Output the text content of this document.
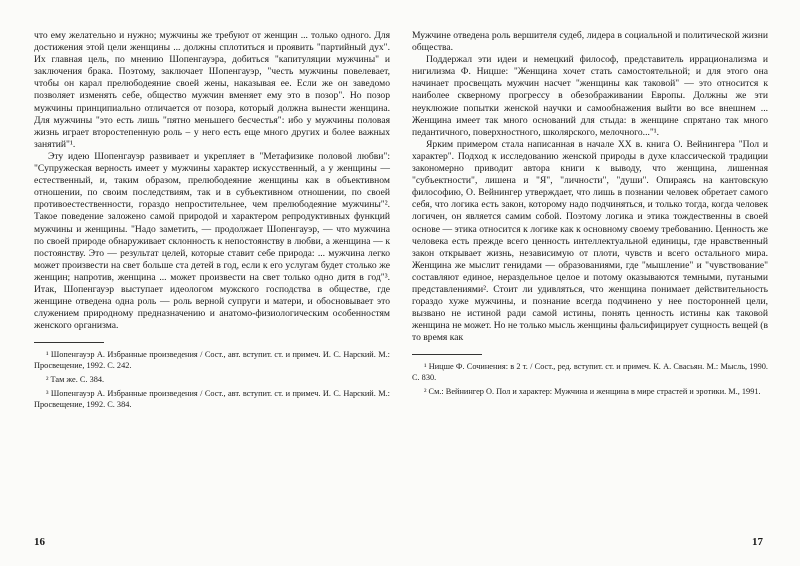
что ему желательно и нужно; мужчины же требуют от женщин ... только одного. Для достижения этой цели женщины ... должны сплотиться и проявить "партийный дух". Их главная цель, по мнению Шопенгауэра, добиться "капитуляции мужчины" и заключения брака. Поэтому, заключает Шопенгауэр, "честь мужчины повелевает, чтобы он карал прелюбодеяние своей жены, наказывая ее. Если же он заведомо позволяет изменять себе, общество мужчин вменяет ему это в позор". Но позор мужчины принципиально отличается от позора, который должна вынести женщина. Для мужчины "это есть лишь "пятно меньшего бесчестья": ибо у мужчины половая жизнь играет второстепенную роль – у него есть еще много других и более важных занятий"¹.

Эту идею Шопенгауэр развивает и укрепляет в "Метафизике половой любви": "Супружеская верность имеет у мужчины характер искусственный, а у женщины — естественный, и, таким образом, прелюбодеяние женщины как в объективном отношении, по своим последствиям, так и в субъективном отношении, по своей противоестественности, гораздо непростительнее, чем прелюбодеяние мужчины"². Такое поведение заложено самой природой и характером репродуктивных функций мужчины и женщины. "Надо заметить, — продолжает Шопенгауэр, — что мужчина по своей природе обнаруживает склонность к непостоянству в любви, а женщина — к постоянству. Это — результат целей, которые ставит себе природа: ... мужчина легко может произвести на свет больше ста детей в год, если к его услугам будет столько же женщин; напротив, женщина ... может произвести на свет только одно дитя в год"³. Итак, Шопенгауэр выступает идеологом мужского господства в обществе, где женщине отведена одна роль — роль верной супруги и матери, и обосновывает это служением природному предназначению и анатомо-физиологическим особенностям женского организма.

¹ Шопенгауэр А. Избранные произведения / Сост., авт. вступит. ст. и примеч. И. С. Нарский. М.: Просвещение, 1992. С. 242.

² Там же. С. 384.

³ Шопенгауэр А. Избранные произведения / Сост., авт. вступит. ст. и примеч. И. С. Нарский. М.: Просвещение, 1992. С. 384.

16

Мужчине отведена роль вершителя судеб, лидера в социальной и политической жизни общества.

Поддержал эти идеи и немецкий философ, представитель иррационализма и нигилизма Ф. Ницше: "Женщина хочет стать самостоятельной; и для этого она начинает просвещать мужчин насчет "женщины как таковой" — это относится к наиболее скверному прогрессу в обезображивании Европы. Должны же эти неуклюжие попытки женской научки и самообнажения выйти во все внешнем ... Женщина имеет так много оснований для стыда: в женщине спрятано так много педантичного, поверхностного, школярского, мелочного..."¹.

Ярким примером стала написанная в начале XX в. книга О. Вейнингера "Пол и характер". Подход к исследованию женской природы в духе классической традиции закономерно приводит автора книги к выводу, что женщина, лишенная "субъектности", лишена и "Я", "личности", "души". Опираясь на кантовскую философию, О. Вейнингер утверждает, что лишь в познании человек обретает самого себя, что логика есть закон, которому надо подчиняться, и только тогда, когда человек логичен, он является самим собой. Поэтому логика и этика тождественны в своей основе — этика относится к логике как к основному своему требованию. Ценность же человека есть прежде всего ценность интеллектуальной единицы, где нравственный закон открывает жизнь, независимую от плоти, чувств и всего остального мира. Женщина же мыслит генидами — образованиями, где "мышление" и "чувствование" составляют единое, нераздельное целое и потому оказываются темными, путаными представлениями². Стоит ли удивляться, что женщина понимает действительность гораздо хуже мужчины, и познание всегда подчинено у нее посторонней цели, вызвано не истиной ради самой истины, понять ценность истины как таковой женщина не может. Но не только мысль женщины фальсифицирует сущность вещей (в то время как

¹ Ницше Ф. Сочинения: в 2 т. / Сост., ред. вступит. ст. и примеч. К. А. Свасьян. М.: Мысль, 1990. С. 830.

² См.: Вейнингер О. Пол и характер: Мужчина и женщина в мире страстей и эротики. М., 1991.

17
